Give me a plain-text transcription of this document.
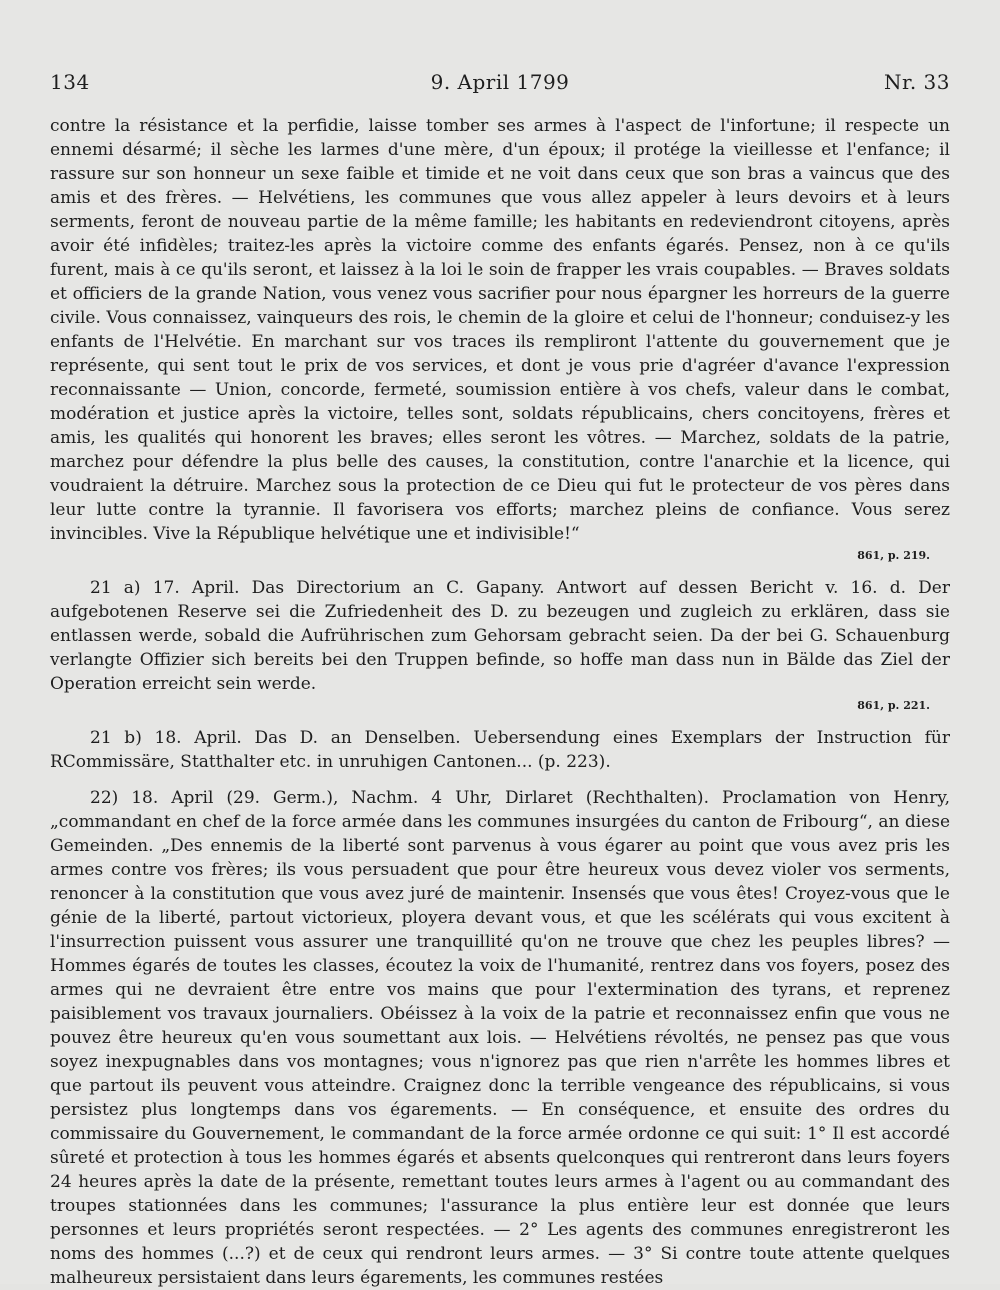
134	9. April 1799	Nr. 33

contre la résistance et la perfidie, laisse tomber ses armes à l'aspect de l'infortune; il respecte un ennemi désarmé; il sèche les larmes d'une mère, d'un époux; il protége la vieillesse et l'enfance; il rassure sur son honneur un sexe faible et timide et ne voit dans ceux que son bras a vaincus que des amis et des frères. — Helvétiens, les communes que vous allez appeler à leurs devoirs et à leurs serments, feront de nouveau partie de la même famille; les habitants en redeviendront citoyens, après avoir été infidèles; traitez-les après la victoire comme des enfants égarés. Pensez, non à ce qu'ils furent, mais à ce qu'ils seront, et laissez à la loi le soin de frapper les vrais coupables. — Braves soldats et officiers de la grande Nation, vous venez vous sacrifier pour nous épargner les horreurs de la guerre civile. Vous connaissez, vainqueurs des rois, le chemin de la gloire et celui de l'honneur; conduisez-y les enfants de l'Helvétie. En marchant sur vos traces ils rempliront l'attente du gouvernement que je représente, qui sent tout le prix de vos services, et dont je vous prie d'agréer d'avance l'expression reconnaissante — Union, concorde, fermeté, soumission entière à vos chefs, valeur dans le combat, modération et justice après la victoire, telles sont, soldats républicains, chers concitoyens, frères et amis, les qualités qui honorent les braves; elles seront les vôtres. — Marchez, soldats de la patrie, marchez pour défendre la plus belle des causes, la constitution, contre l'anarchie et la licence, qui voudraient la détruire. Marchez sous la protection de ce Dieu qui fut le protecteur de vos pères dans leur lutte contre la tyrannie. Il favorisera vos efforts; marchez pleins de confiance. Vous serez invincibles. Vive la République helvétique une et indivisible!“

861, p. 219.

21 a) 17. April. Das Directorium an C. Gapany. Antwort auf dessen Bericht v. 16. d. Der aufgebotenen Reserve sei die Zufriedenheit des D. zu bezeugen und zugleich zu erklären, dass sie entlassen werde, sobald die Aufrührischen zum Gehorsam gebracht seien. Da der bei G. Schauenburg verlangte Offizier sich bereits bei den Truppen befinde, so hoffe man dass nun in Bälde das Ziel der Operation erreicht sein werde.

861, p. 221.

21 b) 18. April. Das D. an Denselben. Uebersendung eines Exemplars der Instruction für RCommissäre, Statthalter etc. in unruhigen Cantonen... (p. 223).

22) 18. April (29. Germ.), Nachm. 4 Uhr, Dirlaret (Rechthalten). Proclamation von Henry, „commandant en chef de la force armée dans les communes insurgées du canton de Fribourg“, an diese Gemeinden. „Des ennemis de la liberté sont parvenus à vous égarer au point que vous avez pris les armes contre vos frères; ils vous persuadent que pour être heureux vous devez violer vos serments, renoncer à la constitution que vous avez juré de maintenir. Insensés que vous êtes! Croyez-vous que le génie de la liberté, partout victorieux, ployera devant vous, et que les scélérats qui vous excitent à l'insurrection puissent vous assurer une tranquillité qu'on ne trouve que chez les peuples libres? — Hommes égarés de toutes les classes, écoutez la voix de l'humanité, rentrez dans vos foyers, posez des armes qui ne devraient être entre vos mains que pour l'extermination des tyrans, et reprenez paisiblement vos travaux journaliers. Obéissez à la voix de la patrie et reconnaissez enfin que vous ne pouvez être heureux qu'en vous soumettant aux lois. — Helvétiens révoltés, ne pensez pas que vous soyez inexpugnables dans vos montagnes; vous n'ignorez pas que rien n'arrête les hommes libres et que partout ils peuvent vous atteindre. Craignez donc la terrible vengeance des républicains, si vous persistez plus longtemps dans vos égarements. — En conséquence, et ensuite des ordres du commissaire du Gouvernement, le commandant de la force armée ordonne ce qui suit: 1° Il est accordé sûreté et protection à tous les hommes égarés et absents quelconques qui rentreront dans leurs foyers 24 heures après la date de la présente, remettant toutes leurs armes à l'agent ou au commandant des troupes stationnées dans les communes; l'assurance la plus entière leur est donnée que leurs personnes et leurs propriétés seront respectées. — 2° Les agents des communes enregistreront les noms des hommes (...?) et de ceux qui rendront leurs armes. — 3° Si contre toute attente quelques malheureux persistaient dans leurs égarements, les communes restées
